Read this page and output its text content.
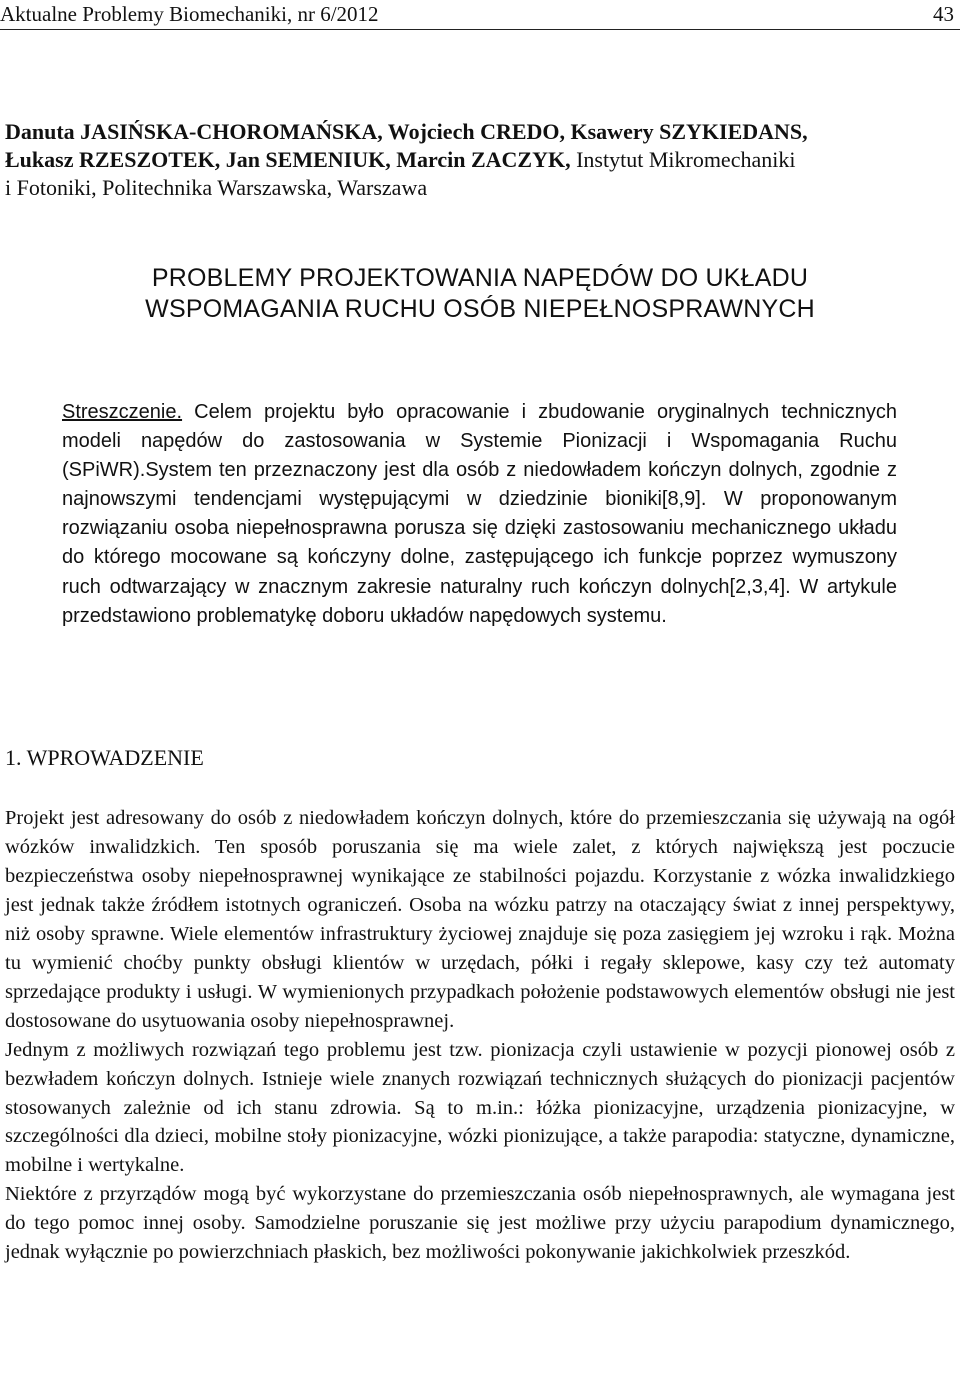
Aktualne Problemy Biomechaniki, nr 6/2012	43
Danuta JASIŃSKA-CHOROMAŃSKA, Wojciech CREDO, Ksawery SZYKIEDANS,
Łukasz RZESZOTEK, Jan SEMENIUK, Marcin ZACZYK, Instytut Mikromechaniki
i Fotoniki, Politechnika Warszawska, Warszawa
PROBLEMY PROJEKTOWANIA NAPĘDÓW DO UKŁADU
WSPOMAGANIA RUCHU OSÓB NIEPEŁNOSPRAWNYCH
Streszczenie. Celem projektu było opracowanie i zbudowanie oryginalnych technicznych modeli napędów do zastosowania w Systemie Pionizacji i Wspomagania Ruchu (SPiWR).System ten przeznaczony jest dla osób z niedowładem kończyn dolnych, zgodnie z najnowszymi tendencjami występującymi w dziedzinie bioniki[8,9]. W proponowanym rozwiązaniu osoba niepełnosprawna porusza się dzięki zastosowaniu mechanicznego układu do którego mocowane są kończyny dolne, zastępującego ich funkcje poprzez wymuszony ruch odtwarzający w znacznym zakresie naturalny ruch kończyn dolnych[2,3,4]. W artykule przedstawiono problematykę doboru układów napędowych systemu.
1. WPROWADZENIE

Projekt jest adresowany do osób z niedowładem kończyn dolnych, które do przemieszczania się używają na ogół wózków inwalidzkich. Ten sposób poruszania się ma wiele zalet, z których największą jest poczucie bezpieczeństwa osoby niepełnosprawnej wynikające ze stabilności pojazdu. Korzystanie z wózka inwalidzkiego jest jednak także źródłem istotnych ograniczeń. Osoba na wózku patrzy na otaczający świat z innej perspektywy, niż osoby sprawne. Wiele elementów infrastruktury życiowej znajduje się poza zasięgiem jej wzroku i rąk. Można tu wymienić choćby punkty obsługi klientów w urzędach, półki i regały sklepowe, kasy czy też automaty sprzedające produkty i usługi. W wymienionych przypadkach położenie podstawowych elementów obsługi nie jest dostosowane do usytuowania osoby niepełnosprawnej.

Jednym z możliwych rozwiązań tego problemu jest tzw. pionizacja czyli ustawienie w pozycji pionowej osób z bezwładem kończyn dolnych. Istnieje wiele znanych rozwiązań technicznych służących do pionizacji pacjentów stosowanych zależnie od ich stanu zdrowia. Są to m.in.: łóżka pionizacyjne, urządzenia pionizacyjne, w szczególności dla dzieci, mobilne stoły pionizacyjne, wózki pionizujące, a także parapodia: statyczne, dynamiczne, mobilne i wertykalne.

Niektóre z przyrządów mogą być wykorzystane do przemieszczania osób niepełnosprawnych, ale wymagana jest do tego pomoc innej osoby. Samodzielne poruszanie się jest możliwe przy użyciu parapodium dynamicznego, jednak wyłącznie po powierzchniach płaskich, bez możliwości pokonywanie jakichkolwiek przeszkód.
